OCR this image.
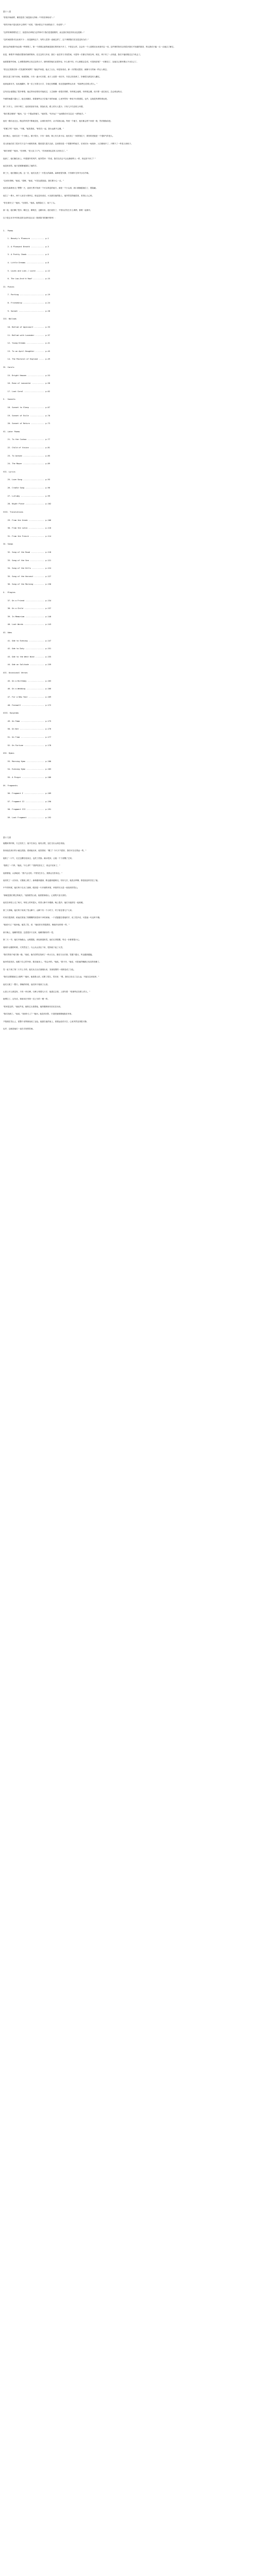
第十八章

"你看开始那样，哪怕是你了就是那人的味..."中的法律用词"..."

"你的开始不是比较开心的吗？"或者，"我问你这个东西的意义"，有说的"..."

"这样的事情要发生了，但是你应该明白这件事对于我们是很重要的，而且我们现在的状况也很难..."

"这时间如果可以出现不少 ... 但是最终这个，有些人觉得一直就这样了，这个事情我们实在是没有办法.."

我们也许就要开始去做一些事情了。第一个需要注意的就是我们的时间不多了，不管怎么样，总会有一个人需要站出来面对这一切。这件事的背后还有很多我们不知道的原因，所以我们只能一点一点地去了解它。

但是，事情并不像我们想象的那样简单。在过去的几年里，我们一直在努力寻找答案，可是每一次都以失败告终。现在，终于有了一点线索，我们不能再错过这个机会了。

他看着窗外的雨，心里想着那些已经过去的日子。那时候的他们还很年轻，什么都不怕，什么都敢去尝试。可是现在呢？一切都变了，连他自己都快要认不出自己了。

"你还记得我们第一次见面的时候吗？"她轻声问道。他点了点头，却没有说话。那一天的阳光很好，就像今天的雨一样让人难忘。

我们走进了那个房间，里面很暗，只有一盏小灯亮着。桌子上放着一本旧书，书页已经发黄了，好像很久都没有人翻过。

他拿起那本书，轻轻地翻开。第一页上写着几行字，字迹已经模糊，但还是能够辨认出来："给那些还在路上的人。"

这句话让他想起了很多事情。他记得母亲曾经对他说过，人生就像一条很长的路，有时候会迷路，有时候会累，但只要一直往前走，总会到达终点。

外面的雨越下越大了。她走到窗前，看着那些从天空落下来的雨滴，心里突然有一种说不出的感觉。也许，这就是所谓的命运吧。

第二天早上，天终于晴了。他们收拾好东西，准备出发。路上的行人很少，只有几只鸟在树上叫着。

"我们要去哪里？"她问。"去一个很远的地方。"他回答。"有多远？""远到我们可以忘记一切的地方。"

他们一路向北走去。路边的风景不断地变化，从城市到乡村，从平原到山地。每到一个地方，他们都会停下来看一看，然后继续前进。

"你累了吗？"他问。"不累。"她笑着说，"和你在一起，我永远都不会累。"

那天晚上，他们住在一个小镇上。镇子很小，只有一条街，街上有几家小店。他们找了一家旅馆住下，旅馆的老板是一个很和气的老人。

老人给他们讲了很多关于这个小镇的故事。据说很久很久以前，这里曾经是一个很繁华的地方，后来因为一场战争，人们都离开了，只剩下了一些老人和孩子。

"那后来呢？"她问。"后来啊，"老人叹了口气，"后来就再也没有人回来过了。"

夜深了，他们躺在床上，听着窗外的风声。她突然问："你说，我们以后会不会也像那些人一样，再也回不来了？"

他没有回答。他只是紧紧地握住了她的手。

第三天，他们继续上路。这一次，他们走进了一片很大的森林。森林里很安静，只有树叶在风中沙沙作响。

"这里好美啊。"她说。"是啊，"他说，"可是也很危险。我们要小心一点。"

他们在森林里走了整整一天，直到天黑才找到一个可以休息的地方。那是一个小山洞，洞口被藤蔓遮住了，很隐蔽。

他生了一堆火，两个人坐在火堆旁边，谁也没有说话。火光照在她的脸上，他突然觉得她很美，美得让人心疼。

"你在看什么？"她问。"在看你。"他说。她的脸红了，低下了头。

那一夜，他们聊了很多。聊过去，聊现在，也聊未来。他们说好了，不管以后发生什么事情，都要一起面对。

以下是这本书中所收录的全部作品目录（按照原书的顺序排列）：

I.  Poems

1. Beauty's Pleasure ............ p.1

2. A Pleasant Breath ............ p.3

3. A Pretty Cheek ............... p.5

4. Little Dreams ................ p.8

5. Loves and Lies / Luste ....... p.12

6. The Low-Arch'd Roof .......... p.15

II. Pieces

7. Parting ...................... p.19

8. Friendship ................... p.24

9. Sonnet ....................... p.28

III. Ballads

10. Ballad of Agincourt ......... p.33

11. Ballad with Lavender ........ p.37

12. Young Dreams ................ p.41

13. To an April Daughter ........ p.45

14. The Pastoral of England ..... p.49

IV. Carols

15. Bright Heaven ............... p.53

16. Rose of Lancaster ........... p.58

17. Last Carol .................. p.62

V.  Sonnets

18. Sonnet to Sleep ............. p.67

19. Sonnet of Exile ............. p.70

20. Sonnet of Return ............ p.73

VI. Later Poems

21. To the Cuckoo ............... p.77

22. Child of Vision ............. p.81

23. To Autumn ................... p.85

24. The Mower ................... p.89

VII. Lyrics

25. Love Song ................... p.93

26. Cradle Song ................. p.96

27. Lullaby ..................... p.99

28. Night Piece ................. p.102

VIII. Translations

29. From the Greek .............. p.106

30. From the Latin .............. p.110

31. From the French ............. p.114

IX. Songs

32. Song of the Road ............ p.118

33. Song of the Sea ............. p.121

34. Song of the Hills ........... p.124

35. Song of the Harvest ......... p.127

36. Song of the Morning ......... p.130

X.  Elegies

37. On a Friend ................. p.134

38. On a Child .................. p.137

39. In Memoriam ................. p.140

40. Last Words .................. p.143

XI. Odes

41. Ode to Evening .............. p.147

42. Ode to Duty ................. p.151

43. Ode to the West Wind ........ p.155

44. Ode on Solitude ............. p.159

XII. Occasional Verses

45. On a Birthday ............... p.163

46. On a Wedding ................ p.166

47. For a New Year .............. p.169

48. Farewell .................... p.172

XIII. Epigrams

49. On Fame ..................... p.175

50. On Wit ...................... p.176

51. On Time ..................... p.177

52. On Fortune .................. p.178

XIV. Hymns

53. Morning Hymn ................ p.180

54. Evening Hymn ................ p.183

55. A Prayer .................... p.186

XV. Fragments

56. Fragment I .................. p.189

57. Fragment II ................. p.190

58. Fragment III ................ p.191

59. Last Fragment ............... p.192

第十九章

她醒来的时候，天已经亮了。他不在身边。她有点慌，连忙走出山洞去找他。

原来他在洞口的小溪边洗脸。看到她出来，他笑着说："醒了？今天天气很好，我们可以走得远一些。"

她松了一口气，走过去蹲在他身边，也洗了洗脸。溪水很凉，让她一下子清醒了过来。

"我做了一个梦。"她说。"什么梦？""我梦见你走了，再也不回来了。"

他看着她，认真地说："我不会走的。不管发生什么，我都会在你身边。"

他们吃了一点东西，又继续上路了。森林越来越深，路也越来越难走。有好几次，她差点摔倒，都是他及时扶住了她。

中午的时候，他们终于走出了森林。眼前是一片开阔的草原，草原的尽头是一座高高的雪山。

"那就是我们要去的地方。"他指着雪山说。她看着那座山，心里既兴奋又害怕。

他们在草原上走了两天。草原上的风很大，吹得人睁不开眼睛。晚上很冷，他们只能挤在一起取暖。

第三天傍晚，他们终于来到了雪山脚下。山脚下有一个小村子，村子里住着几户人家。

村民们很热情，给他们准备了热腾腾的饭菜和干净的床铺。一个老婆婆拉着她的手，说了很多话，可是她一句也听不懂。

"她说什么？"她问他。他笑了笑，说："她说你长得很漂亮，像她年轻时候一样。"

那天晚上，她睡得很香。这是很多天以来，她睡得最好的一觉。

第二天一早，他们开始爬山。山路很陡，到处都是积雪。他们走得很慢，每走一步都要很小心。

爬到半山腰的时候，天突然变了。乌云从山顶压下来，很快就下起了大雪。

"我们得找个地方躲一躲。"他说。他们在附近找到了一块大石头，躲在石头后面。雪越下越大，风也越刮越猛。

她冷得直发抖。他脱下自己的外套，披在她身上。"你会冷的。"她说。"我不冷。"他说，可是他的嘴唇已经冻得发紫了。

雪一直下到了第二天早上才停。他们从石头后面爬出来，发现周围的一切都变成了白色。

"我们还要继续往上爬吗？"她问。他看着山顶，沉默了很久，然后说："要。我们已经走了这么远，不能在这里放弃。"

他们又爬了一整天。傍晚的时候，他们终于爬到了山顶。

山顶上什么都没有，只有一块石碑。石碑上刻着几行字，她凑过去看，上面写着："给那些还在路上的人。"

她愣住了。这句话，和那本旧书第一页上写的一模一样。

"原来是这样。"他轻声说。她转过头看着他，他的眼睛里有泪光在闪动。

"我们找到了。"他说。"找到什么了？"她问。他没有回答，只是把她紧紧地抱在怀里。

夕阳照在雪山上，把整个世界都染成了金色。她靠在他的肩上，看着远处的天空，心里突然变得很平静。

也许，这就是他们一直在寻找的答案。
